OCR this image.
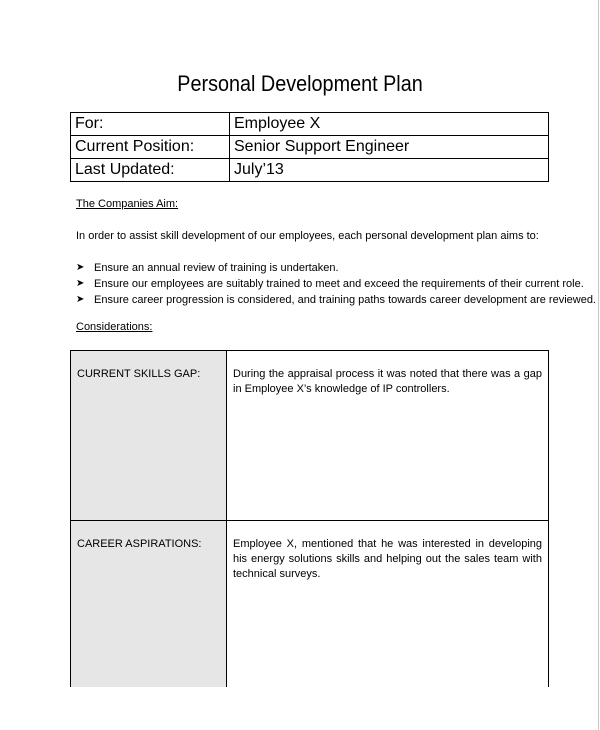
Personal Development Plan
For:	Employee X
Current Position:	Senior Support Engineer
Last Updated:	July’13
The Companies Aim:
In order to assist skill development of our employees, each personal development plan aims to:
➤ Ensure an annual review of training is undertaken.
➤ Ensure our employees are suitably trained to meet and exceed the requirements of their current role.
➤ Ensure career progression is considered, and training paths towards career development are reviewed.
Considerations:
CURRENT SKILLS GAP:	During the appraisal process it was noted that there was a gap in Employee X’s knowledge of IP controllers.
CAREER ASPIRATIONS:	Employee X, mentioned that he was interested in developing his energy solutions skills and helping out the sales team with technical surveys.
